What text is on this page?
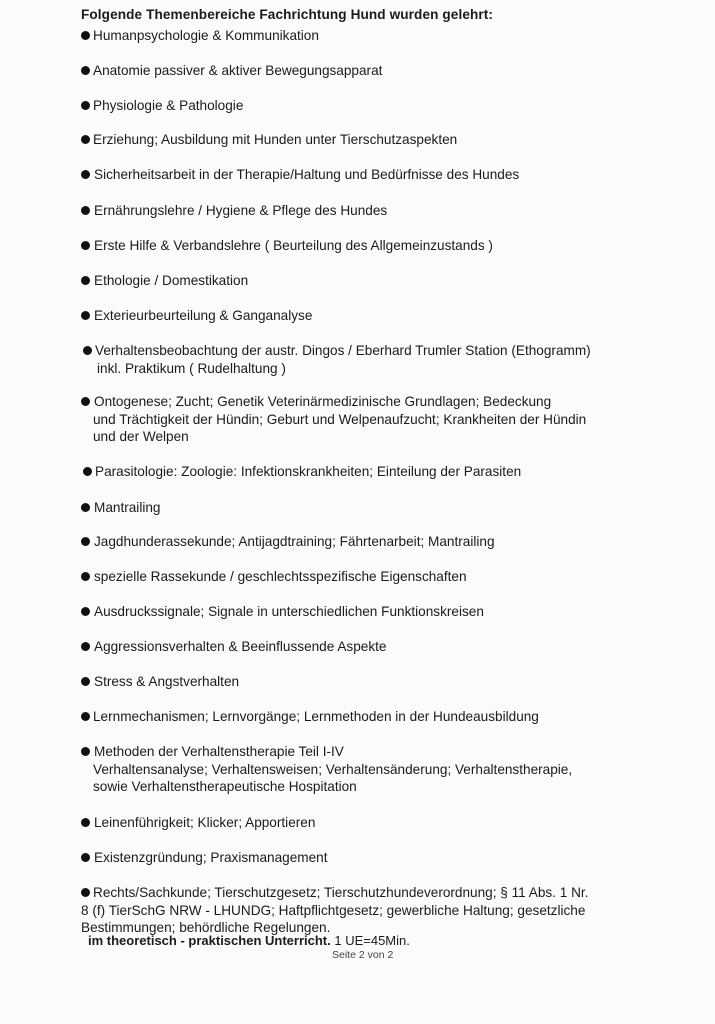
Folgende Themenbereiche Fachrichtung Hund wurden gelehrt:
Humanpsychologie & Kommunikation
Anatomie passiver & aktiver Bewegungsapparat
Physiologie & Pathologie
Erziehung; Ausbildung mit Hunden unter Tierschutzaspekten
Sicherheitsarbeit in der Therapie/Haltung und Bedürfnisse des Hundes
Ernährungslehre / Hygiene & Pflege des Hundes
Erste Hilfe & Verbandslehre ( Beurteilung des Allgemeinzustands )
Ethologie / Domestikation
Exterieurbeurteilung & Ganganalyse
Verhaltensbeobachtung der austr. Dingos / Eberhard Trumler Station (Ethogramm)
inkl. Praktikum ( Rudelhaltung )
Ontogenese; Zucht; Genetik Veterinärmedizinische Grundlagen; Bedeckung
und Trächtigkeit der Hündin; Geburt und Welpenaufzucht; Krankheiten der Hündin
und der Welpen
Parasitologie: Zoologie: Infektionskrankheiten; Einteilung der Parasiten
Mantrailing
Jagdhunderassekunde; Antijagdtraining; Fährtenarbeit; Mantrailing
spezielle Rassekunde / geschlechtsspezifische Eigenschaften
Ausdruckssignale; Signale in unterschiedlichen Funktionskreisen
Aggressionsverhalten & Beeinflussende Aspekte
Stress & Angstverhalten
Lernmechanismen; Lernvorgänge; Lernmethoden in der Hundeausbildung
Methoden der Verhaltenstherapie Teil I-IV
Verhaltensanalyse; Verhaltensweisen; Verhaltensänderung; Verhaltenstherapie,
sowie Verhaltenstherapeutische Hospitation
Leinenführigkeit; Klicker; Apportieren
Existenzgründung; Praxismanagement
Rechts/Sachkunde; Tierschutzgesetz; Tierschutzhundeverordnung; § 11 Abs. 1 Nr.
8 (f) TierSchG NRW - LHUNDG; Haftpflichtgesetz; gewerbliche Haltung; gesetzliche
Bestimmungen; behördliche Regelungen.
im theoretisch - praktischen Unterricht. 1 UE=45Min.
Seite 2 von 2
